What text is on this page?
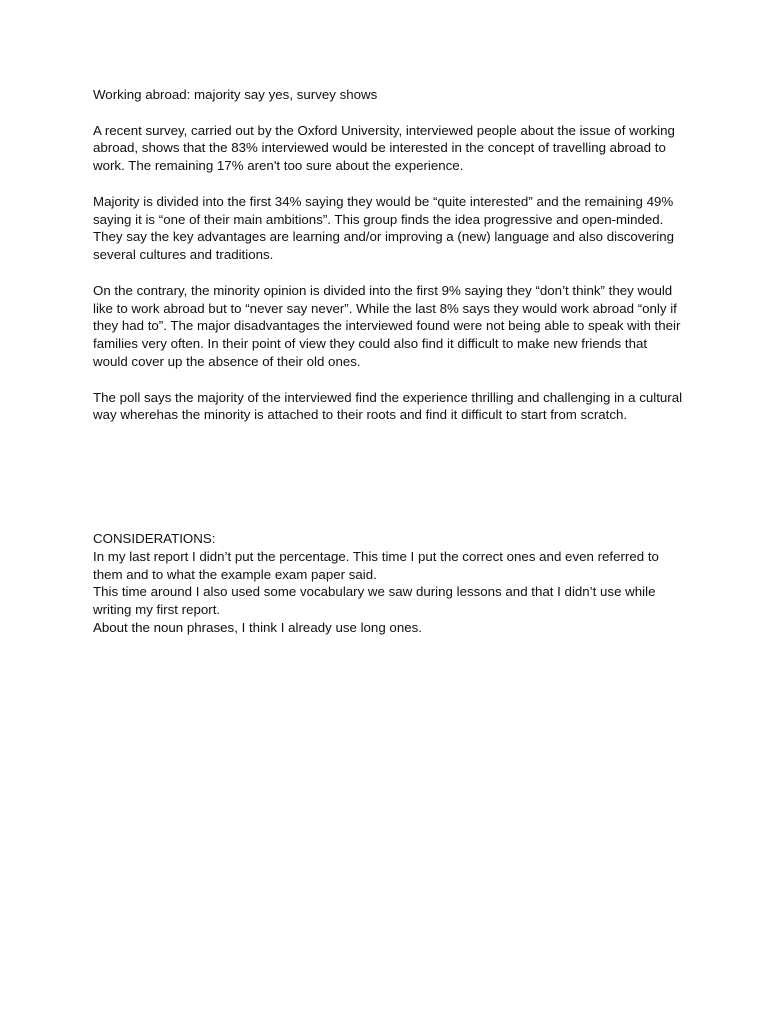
Working abroad: majority say yes, survey shows

A recent survey, carried out by the Oxford University, interviewed people about the issue of working abroad, shows that the 83% interviewed would be interested in the concept of travelling abroad to work. The remaining 17% aren't too sure about the experience.

Majority is divided into the first 34% saying they would be “quite interested” and the remaining 49% saying it is “one of their main ambitions”. This group finds the idea progressive and open-minded. They say the key advantages are learning and/or improving a (new) language and also discovering several cultures and traditions.

On the contrary, the minority opinion is divided into the first 9% saying they “don’t think” they would like to work abroad but to “never say never”. While the last 8% says they would work abroad “only if they had to”. The major disadvantages the interviewed found were not being able to speak with their families very often. In their point of view they could also find it difficult to make new friends that would cover up the absence of their old ones.

The poll says the majority of the interviewed find the experience thrilling and challenging in a cultural way wherehas the minority is attached to their roots and find it difficult to start from scratch.

CONSIDERATIONS:

In my last report I didn’t put the percentage. This time I put the correct ones and even referred to them and to what the example exam paper said.

This time around I also used some vocabulary we saw during lessons and that I didn’t use while writing my first report.

About the noun phrases, I think I already use long ones.
